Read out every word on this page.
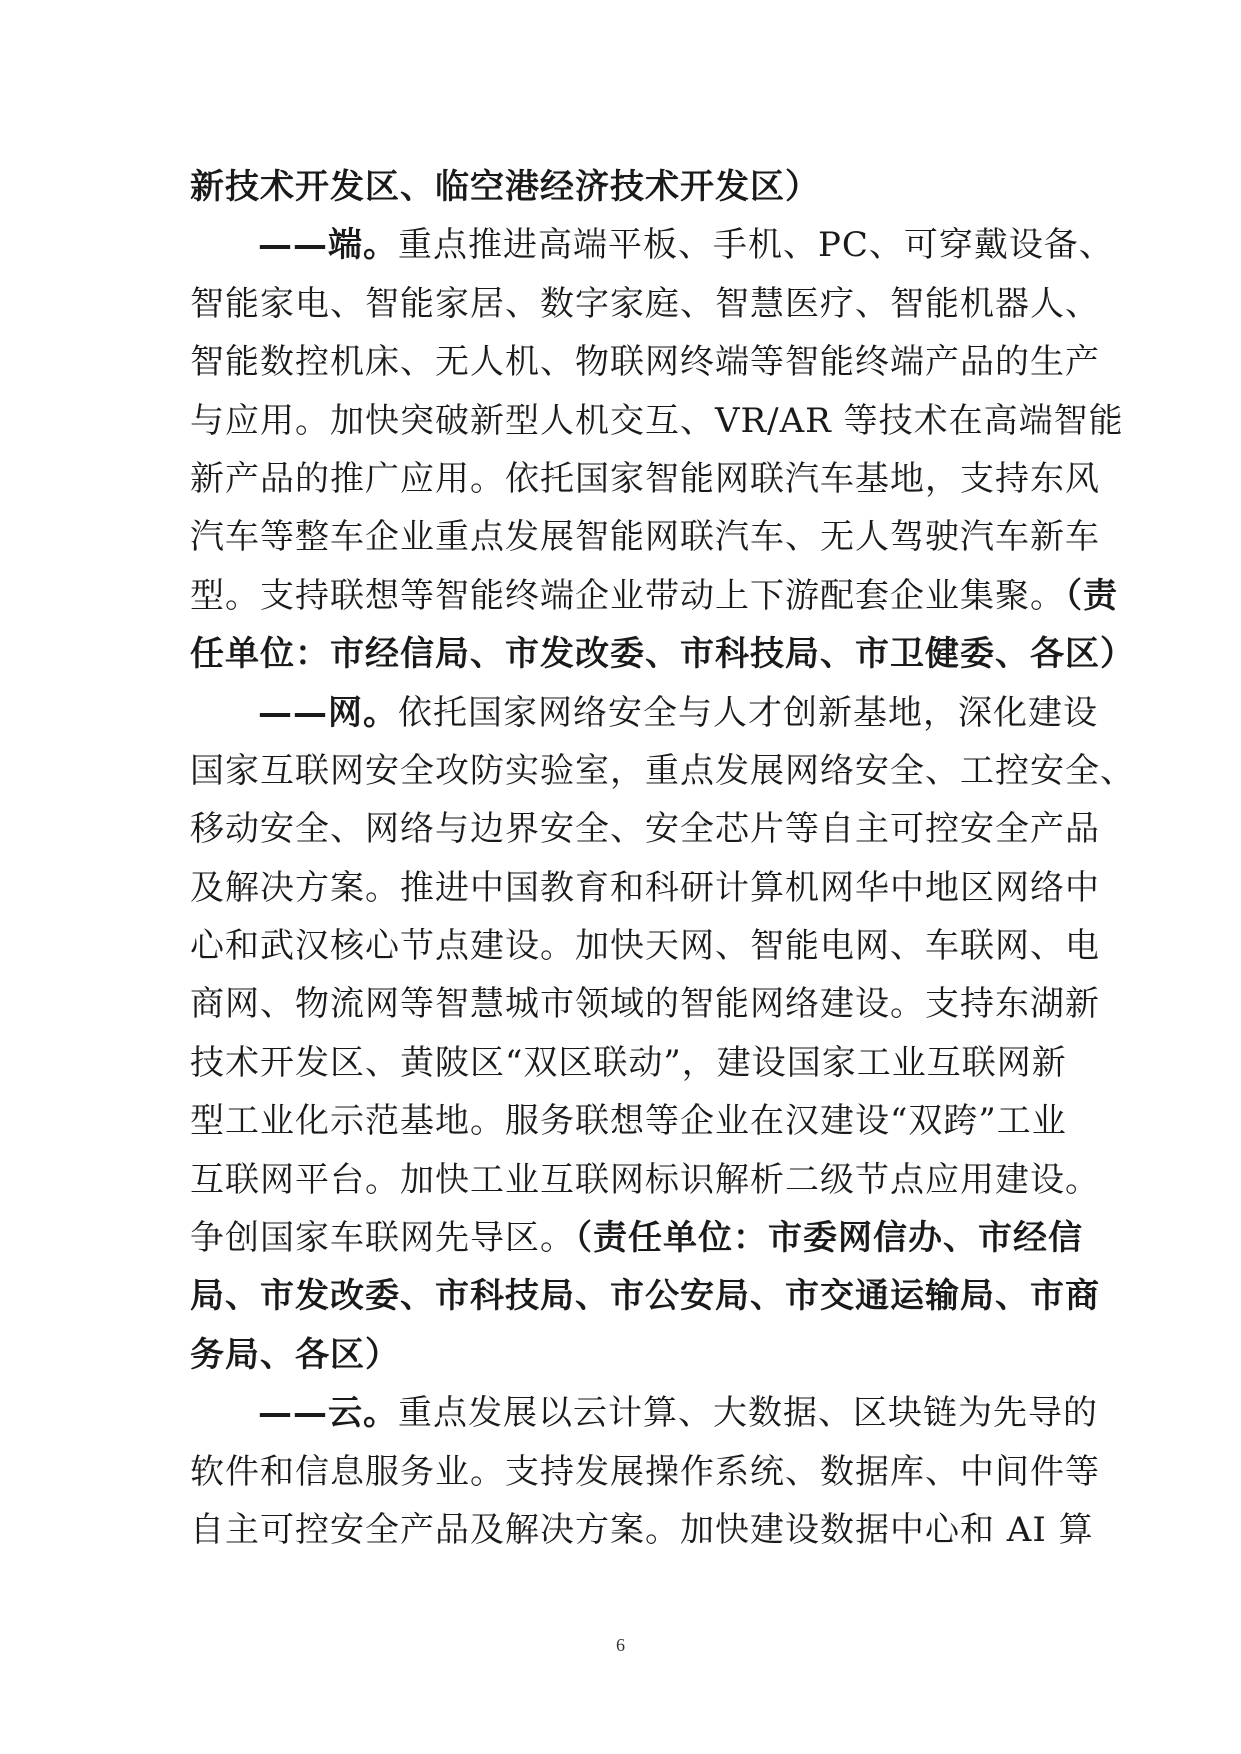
新技术开发区、临空港经济技术开发区）
——端。重点推进高端平板、手机、PC、可穿戴设备、
智能家电、智能家居、数字家庭、智慧医疗、智能机器人、
智能数控机床、无人机、物联网终端等智能终端产品的生产
与应用。加快突破新型人机交互、VR/AR 等技术在高端智能
新产品的推广应用。依托国家智能网联汽车基地，支持东风
汽车等整车企业重点发展智能网联汽车、无人驾驶汽车新车
型。支持联想等智能终端企业带动上下游配套企业集聚。（责
任单位：市经信局、市发改委、市科技局、市卫健委、各区）
——网。依托国家网络安全与人才创新基地，深化建设
国家互联网安全攻防实验室，重点发展网络安全、工控安全、
移动安全、网络与边界安全、安全芯片等自主可控安全产品
及解决方案。推进中国教育和科研计算机网华中地区网络中
心和武汉核心节点建设。加快天网、智能电网、车联网、电
商网、物流网等智慧城市领域的智能网络建设。支持东湖新
技术开发区、黄陂区“双区联动”，建设国家工业互联网新
型工业化示范基地。服务联想等企业在汉建设“双跨”工业
互联网平台。加快工业互联网标识解析二级节点应用建设。
争创国家车联网先导区。（责任单位：市委网信办、市经信
局、市发改委、市科技局、市公安局、市交通运输局、市商
务局、各区）
——云。重点发展以云计算、大数据、区块链为先导的
软件和信息服务业。支持发展操作系统、数据库、中间件等
自主可控安全产品及解决方案。加快建设数据中心和 AI 算
6
